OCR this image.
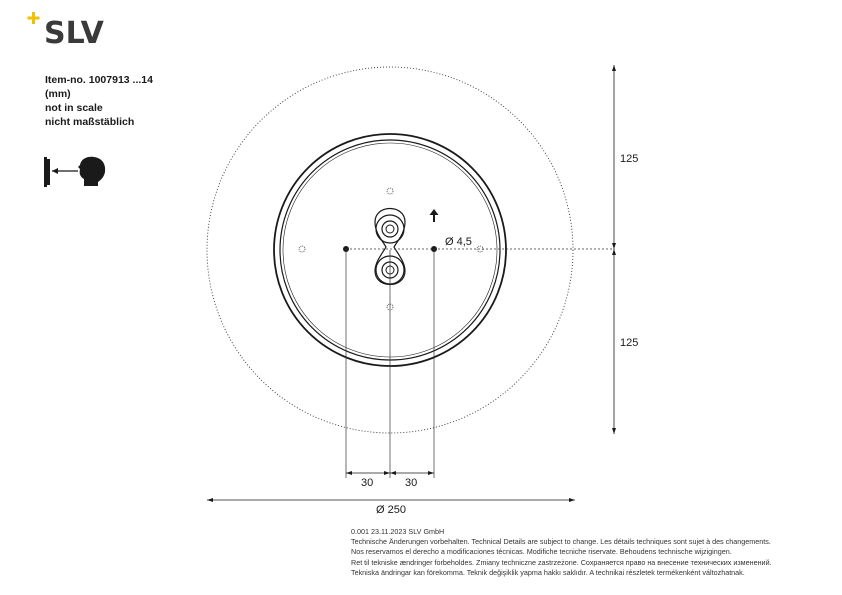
SLV
Item-no. 1007913 ...14
(mm)
not in scale
nicht maßstäblich
30	30
Ø 250
Ø 4,5
125
125
0.001 23.11.2023 SLV GmbH
Technische Änderungen vorbehalten. Technical Details are subject to change. Les détails techniques sont sujet à des changements.
Nos reservamos el derecho a modificaciones técnicas. Modifiche tecniche riservate. Behoudens technische wijzigingen.
Ret til tekniske ændringer forbeholdes. Zmiany techniczne zastrzeżone. Сохраняется право на внесение технических изменений.
Tekniska ändringar kan förekomma. Teknik değişiklik yapma hakkı saklıdır. A technikai részletek termékenként változhatnak.
